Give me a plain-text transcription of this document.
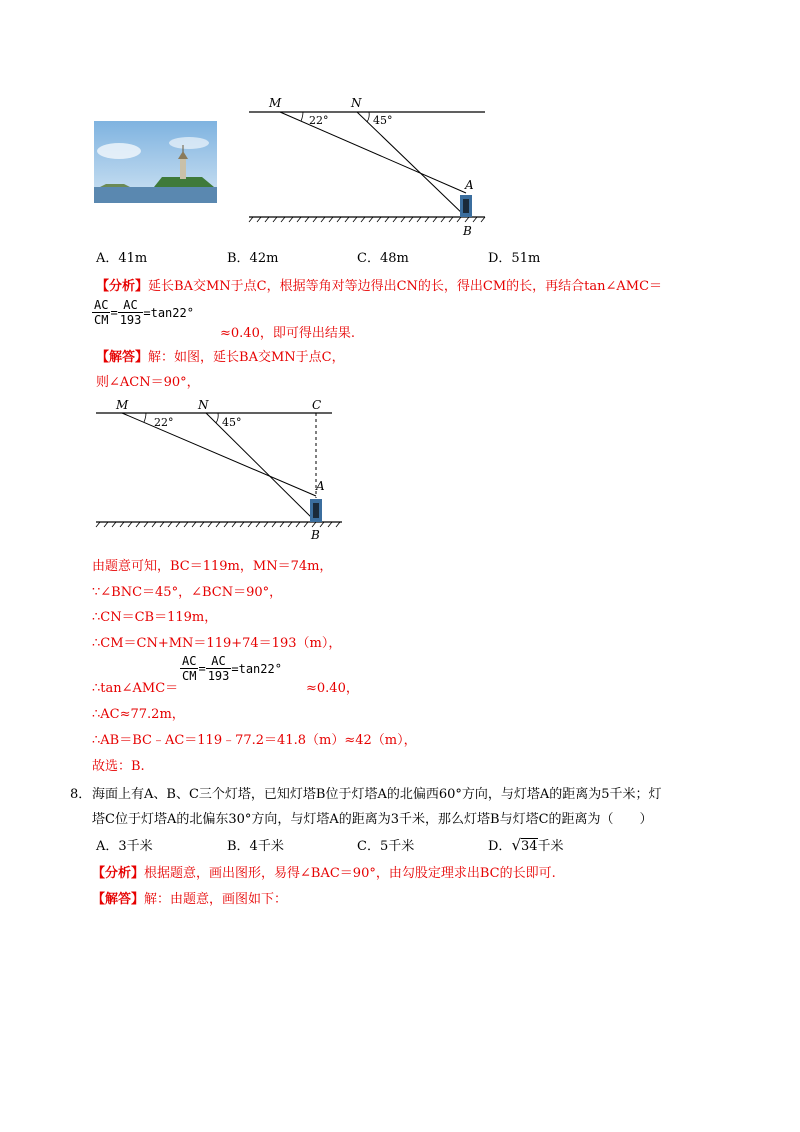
M	N
A
B
22°	45°
A．41m	B．42m	C．48m	D．51m
【分析】延长BA交MN于点C，根据等角对等边得出CN的长，得出CM的长，再结合tan∠AMC＝
$\frac{AC}{CM} = \frac{AC}{193} ^{=tan22^\circ}$
≈0.40，即可得出结果.
【解答】解：如图，延长BA交MN于点C，
则∠ACN＝90°，
M	N	C
A
B
22°	45°
由题意可知，BC＝119m，MN＝74m，
∵∠BNC＝45°，∠BCN＝90°，
∴CN＝CB＝119m，
∴CM＝CN+MN＝119+74＝193（m），
∴tan∠AMC＝
$\frac{AC}{CM} = \frac{AC}{193} ^{=tan22^\circ}$
≈0.40，
∴AC≈77.2m，
∴AB＝BC﹣AC＝119﹣77.2＝41.8（m）≈42（m），
故选：B.
8． 海面上有A、B、C三个灯塔，已知灯塔B位于灯塔A的北偏西60°方向，与灯塔A的距离为5千米；灯
塔C位于灯塔A的北偏东30°方向，与灯塔A的距离为3千米，那么灯塔B与灯塔C的距离为（　　）
A．3千米	B．4千米	C．5千米	D．√34千米
【分析】根据题意，画出图形，易得∠BAC＝90°，由勾股定理求出BC的长即可.
【解答】解：由题意，画图如下：
